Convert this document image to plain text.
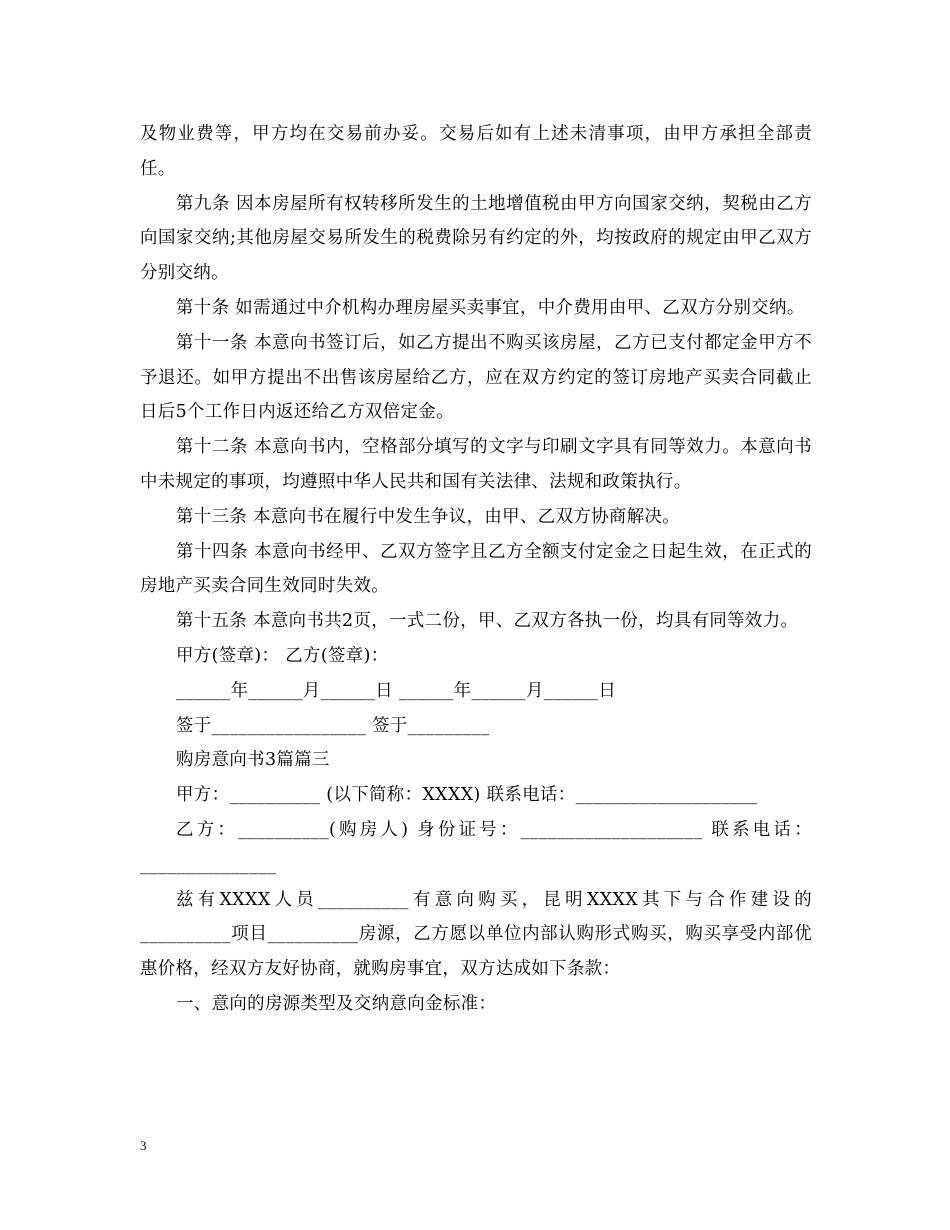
及物业费等，甲方均在交易前办妥。交易后如有上述未清事项，由甲方承担全部责任。

第九条 因本房屋所有权转移所发生的土地增值税由甲方向国家交纳，契税由乙方向国家交纳;其他房屋交易所发生的税费除另有约定的外，均按政府的规定由甲乙双方分别交纳。

第十条 如需通过中介机构办理房屋买卖事宜，中介费用由甲、乙双方分别交纳。

第十一条 本意向书签订后，如乙方提出不购买该房屋，乙方已支付都定金甲方不予退还。如甲方提出不出售该房屋给乙方，应在双方约定的签订房地产买卖合同截止日后5个工作日内返还给乙方双倍定金。

第十二条 本意向书内，空格部分填写的文字与印刷文字具有同等效力。本意向书中未规定的事项，均遵照中华人民共和国有关法律、法规和政策执行。

第十三条 本意向书在履行中发生争议，由甲、乙双方协商解决。

第十四条 本意向书经甲、乙双方签字且乙方全额支付定金之日起生效，在正式的房地产买卖合同生效同时失效。

第十五条 本意向书共2页，一式二份，甲、乙双方各执一份，均具有同等效力。

甲方(签章)： 乙方(签章)：

______年______月______日 ______年______月______日

签于_________________ 签于_________

购房意向书3篇篇三

甲方：__________ (以下简称：XXXX) 联系电话：____________________

乙方：__________(购房人) 身份证号：____________________ 联系电话：_______________

兹有XXXX人员__________有意向购买，昆明XXXX其下与合作建设的__________项目__________房源，乙方愿以单位内部认购形式购买，购买享受内部优惠价格，经双方友好协商，就购房事宜，双方达成如下条款：

一、意向的房源类型及交纳意向金标准：

3
